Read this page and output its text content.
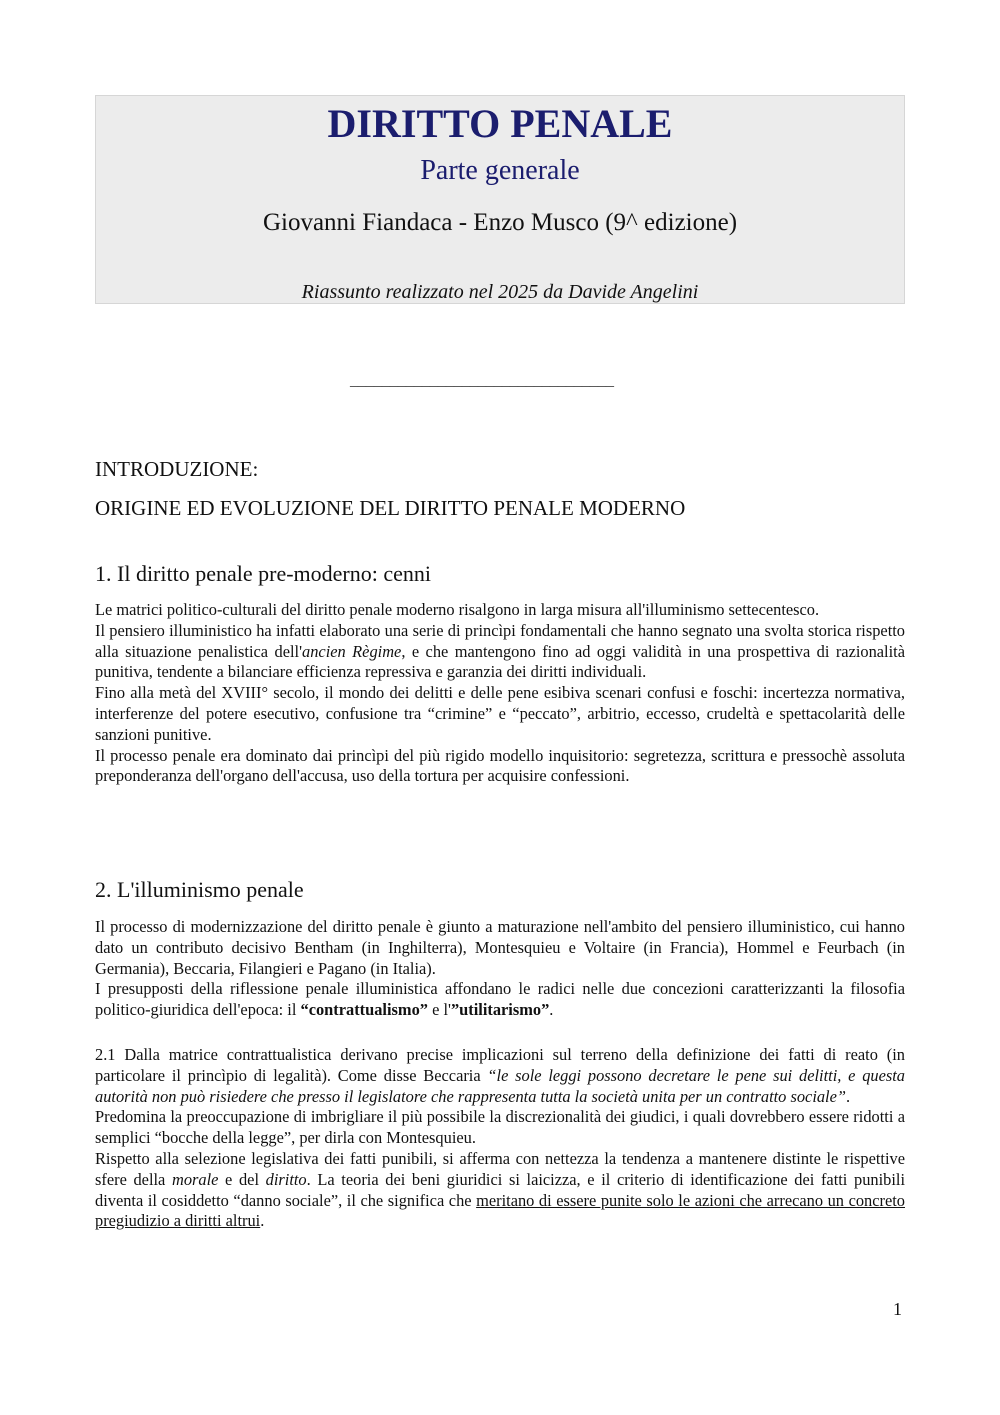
DIRITTO PENALE
Parte generale
Giovanni Fiandaca - Enzo Musco (9^ edizione)
Riassunto realizzato nel 2025 da Davide Angelini
_________________________________
INTRODUZIONE:
ORIGINE ED EVOLUZIONE DEL DIRITTO PENALE MODERNO
1. Il diritto penale pre-moderno: cenni
Le matrici politico-culturali del diritto penale moderno risalgono in larga misura all'illuminismo settecentesco.
Il pensiero illuministico ha infatti elaborato una serie di princìpi fondamentali che hanno segnato una svolta storica rispetto alla situazione penalistica dell'ancien Règime, e che mantengono fino ad oggi validità in una prospettiva di razionalità punitiva, tendente a bilanciare efficienza repressiva e garanzia dei diritti individuali.
Fino alla metà del XVIII° secolo, il mondo dei delitti e delle pene esibiva scenari confusi e foschi: incertezza normativa, interferenze del potere esecutivo, confusione tra “crimine” e “peccato”, arbitrio, eccesso, crudeltà e spettacolarità delle sanzioni punitive.
Il processo penale era dominato dai princìpi del più rigido modello inquisitorio: segretezza, scrittura e pressochè assoluta preponderanza dell'organo dell'accusa, uso della tortura per acquisire confessioni.
2. L'illuminismo penale
Il processo di modernizzazione del diritto penale è giunto a maturazione nell'ambito del pensiero illuministico, cui hanno dato un contributo decisivo Bentham (in Inghilterra), Montesquieu e Voltaire (in Francia), Hommel e Feurbach (in Germania), Beccaria, Filangieri e Pagano (in Italia).
I presupposti della riflessione penale illuministica affondano le radici nelle due concezioni caratterizzanti la filosofia politico-giuridica dell'epoca: il “contrattualismo” e l'”utilitarismo”.
2.1 Dalla matrice contrattualistica derivano precise implicazioni sul terreno della definizione dei fatti di reato (in particolare il princìpio di legalità). Come disse Beccaria “le sole leggi possono decretare le pene sui delitti, e questa autorità non può risiedere che presso il legislatore che rappresenta tutta la società unita per un contratto sociale”.
Predomina la preoccupazione di imbrigliare il più possibile la discrezionalità dei giudici, i quali dovrebbero essere ridotti a semplici “bocche della legge”, per dirla con Montesquieu.
Rispetto alla selezione legislativa dei fatti punibili, si afferma con nettezza la tendenza a mantenere distinte le rispettive sfere della morale e del diritto. La teoria dei beni giuridici si laicizza, e il criterio di identificazione dei fatti punibili diventa il cosiddetto “danno sociale”, il che significa che meritano di essere punite solo le azioni che arrecano un concreto pregiudizio a diritti altrui.
1
